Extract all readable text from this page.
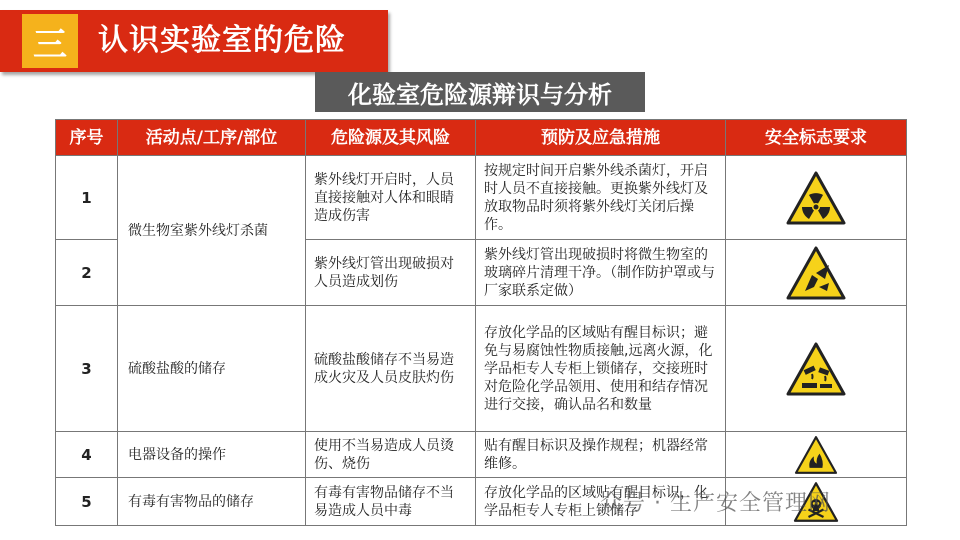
三	认识实验室的危险
化验室危险源辩识与分析
序号	活动点/工序/部位	危险源及其风险	预防及应急措施	安全标志要求
1	微生物室紫外线灯杀菌	紫外线灯开启时，人员直接接触对人体和眼睛造成伤害	按规定时间开启紫外线杀菌灯，开启时人员不直接接触。更换紫外线灯及放取物品时须将紫外线灯关闭后操作。	

2		紫外线灯管出现破损对人员造成划伤	紫外线灯管出现破损时将微生物室的玻璃碎片清理干净。（制作防护罩或与厂家联系定做）	

3	硫酸盐酸的储存	硫酸盐酸储存不当易造成火灾及人员皮肤灼伤	存放化学品的区域贴有醒目标识；避免与易腐蚀性物质接触,远离火源，化学品柜专人专柜上锁储存，交接班时对危险化学品领用、使用和结存情况进行交接，确认品名和数量	

4	电器设备的操作	使用不当易造成人员烫伤、烧伤	贴有醒目标识及操作规程；机器经常维修。	

5	有毒有害物品的储存	有毒有害物品储存不当易造成人员中毒	存放化学品的区域贴有醒目标识，化学品柜专人专柜上锁储存	
众号 · 生产安全管理网
